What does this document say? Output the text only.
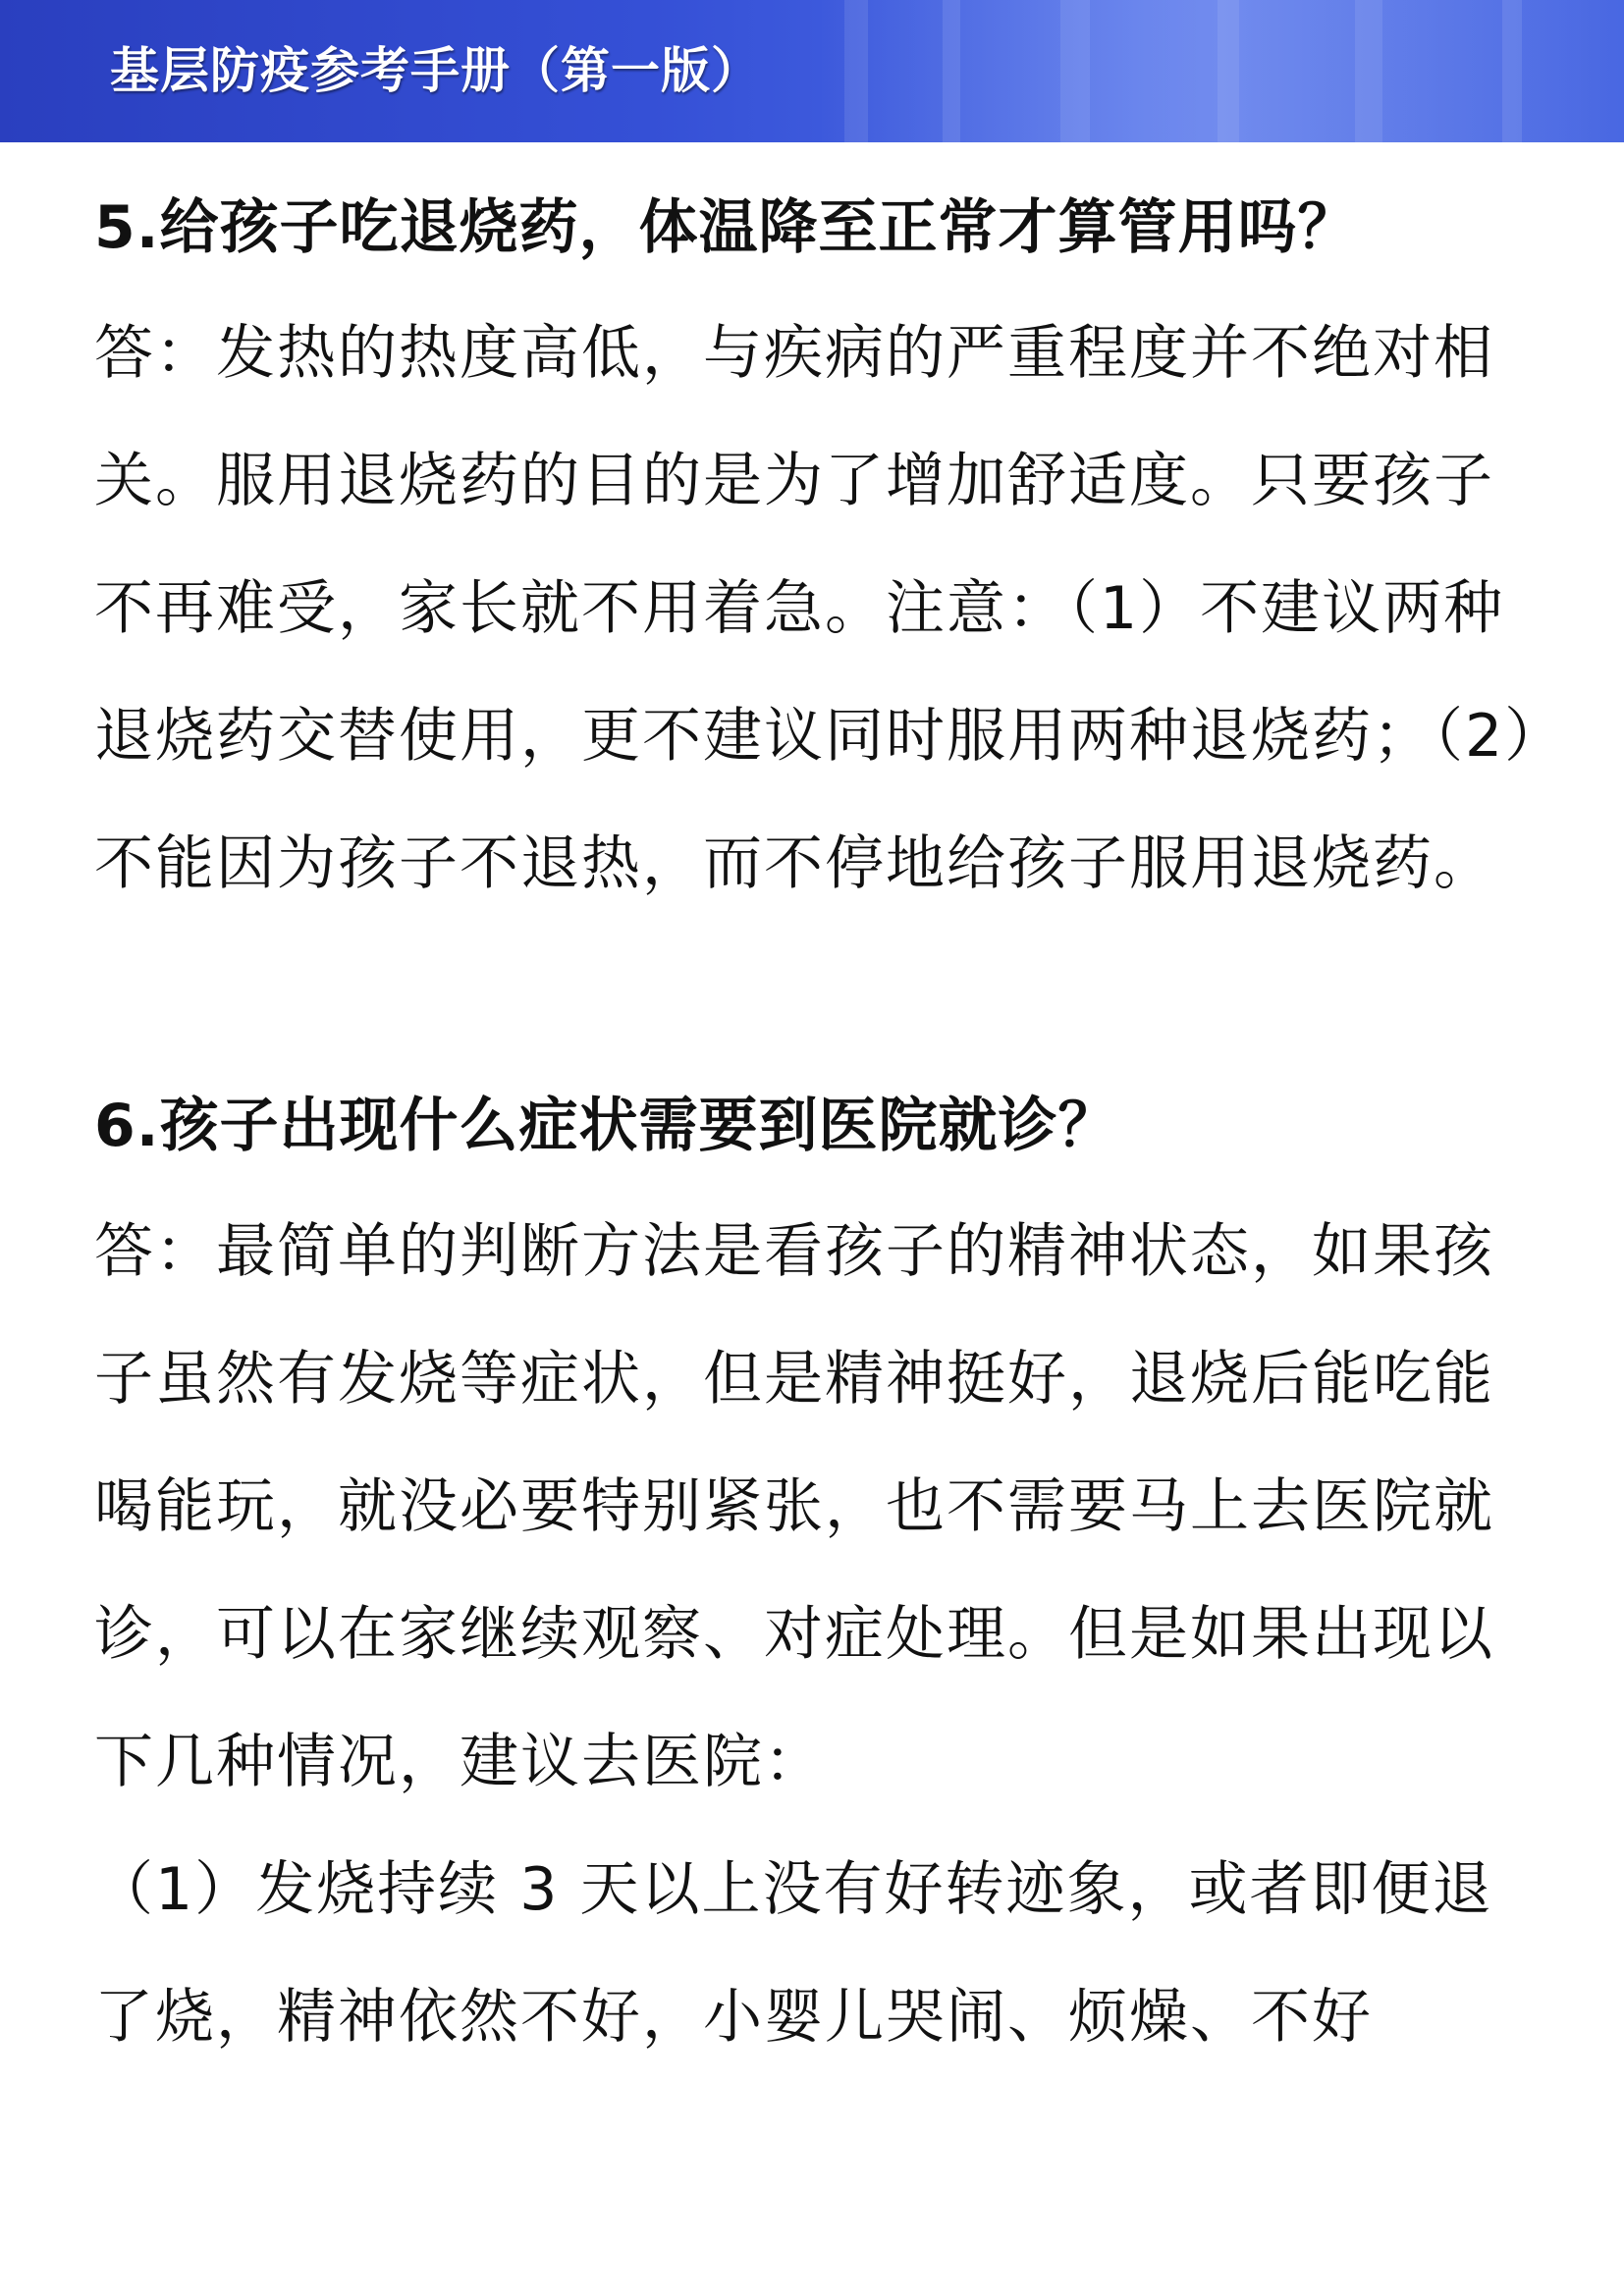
基层防疫参考手册（第一版）

5.给孩子吃退烧药，体温降至正常才算管用吗？

答：发热的热度高低，与疾病的严重程度并不绝对相关。服用退烧药的目的是为了增加舒适度。只要孩子不再难受，家长就不用着急。注意：（1）不建议两种退烧药交替使用，更不建议同时服用两种退烧药；（2）不能因为孩子不退热，而不停地给孩子服用退烧药。

6.孩子出现什么症状需要到医院就诊？

答：最简单的判断方法是看孩子的精神状态，如果孩子虽然有发烧等症状，但是精神挺好，退烧后能吃能喝能玩，就没必要特别紧张，也不需要马上去医院就诊，可以在家继续观察、对症处理。但是如果出现以下几种情况，建议去医院：

（1）发烧持续 3 天以上没有好转迹象，或者即便退了烧，精神依然不好，小婴儿哭闹、烦燥、不好
